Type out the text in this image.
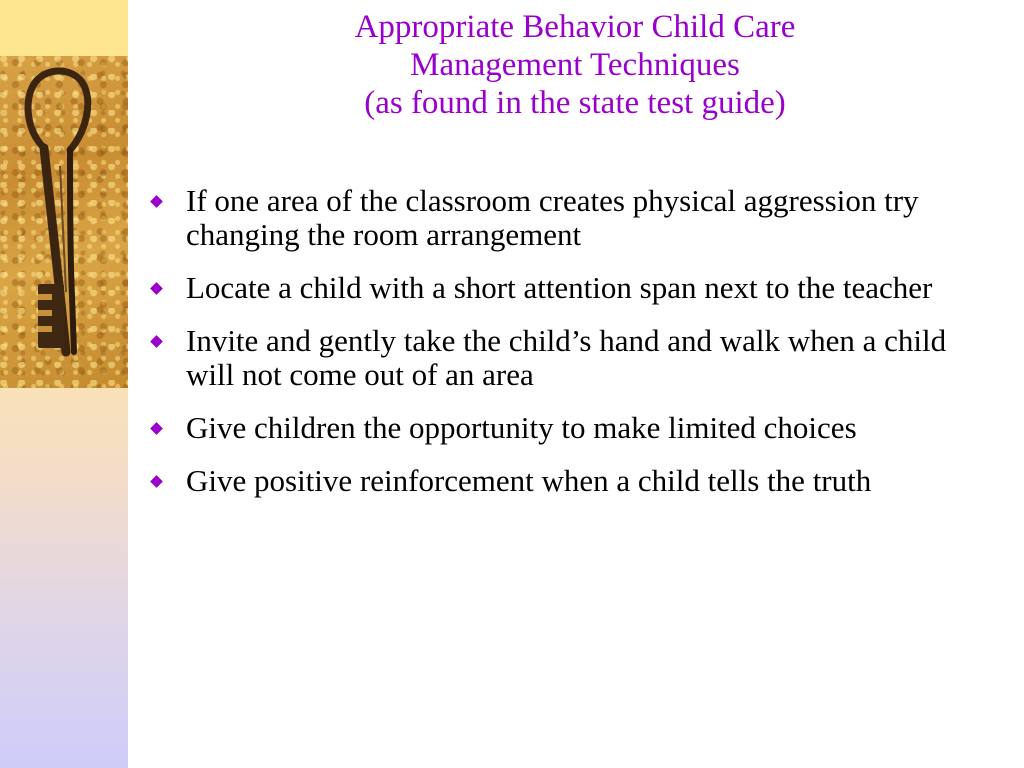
Appropriate Behavior Child Care
Management Techniques
(as found in the state test guide)
If one area of the classroom creates physical aggression try changing the room arrangement
Locate a child with a short attention span next to the teacher
Invite and gently take the child’s hand and walk when a child will not come out of an area
Give children the opportunity to make limited choices
Give positive reinforcement when a child tells the truth
